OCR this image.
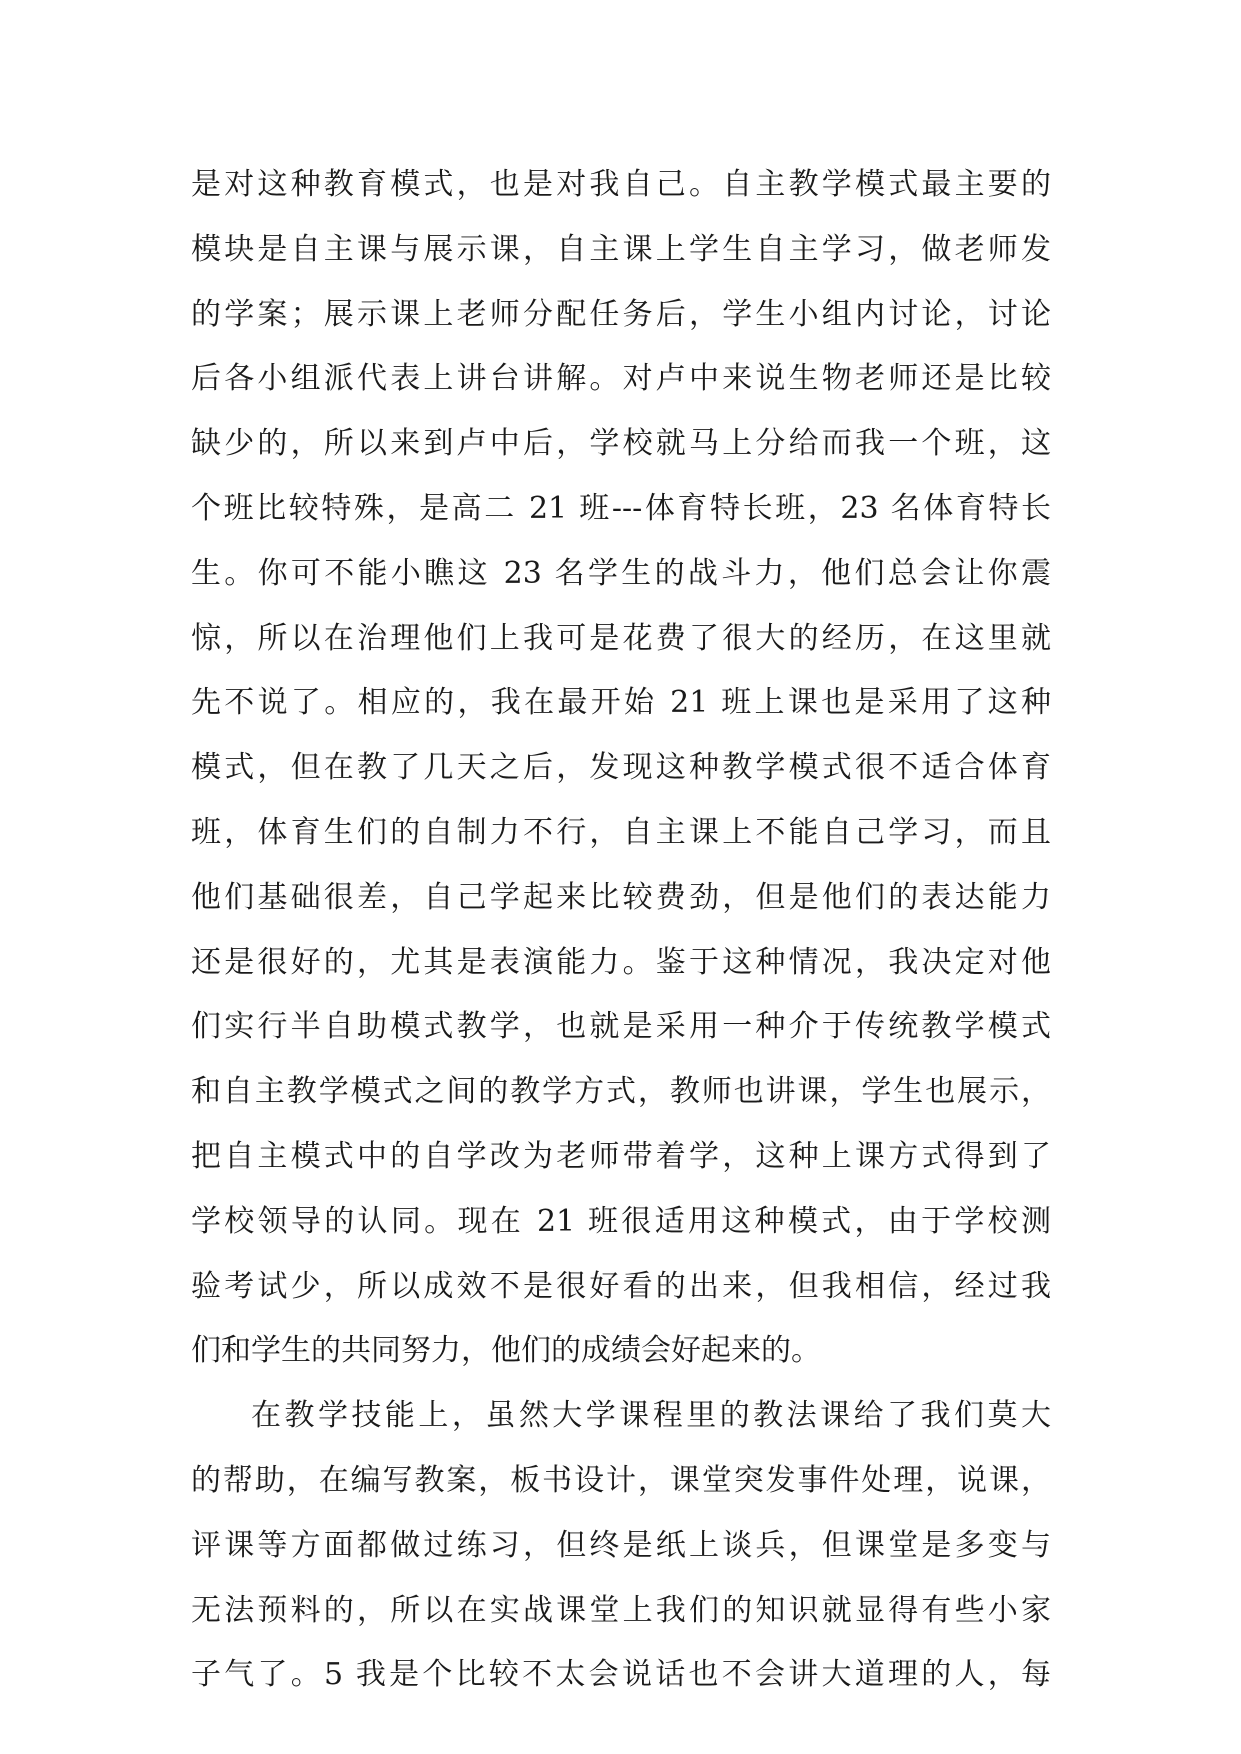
是对这种教育模式，也是对我自己。自主教学模式最主要的
模块是自主课与展示课，自主课上学生自主学习，做老师发
的学案；展示课上老师分配任务后，学生小组内讨论，讨论
后各小组派代表上讲台讲解。对卢中来说生物老师还是比较
缺少的，所以来到卢中后，学校就马上分给而我一个班，这
个班比较特殊，是高二 21 班---体育特长班，23 名体育特长
生。你可不能小瞧这 23 名学生的战斗力，他们总会让你震
惊，所以在治理他们上我可是花费了很大的经历，在这里就
先不说了。相应的，我在最开始 21 班上课也是采用了这种
模式，但在教了几天之后，发现这种教学模式很不适合体育
班，体育生们的自制力不行，自主课上不能自己学习，而且
他们基础很差，自己学起来比较费劲，但是他们的表达能力
还是很好的，尤其是表演能力。鉴于这种情况，我决定对他
们实行半自助模式教学，也就是采用一种介于传统教学模式
和自主教学模式之间的教学方式，教师也讲课，学生也展示，
把自主模式中的自学改为老师带着学，这种上课方式得到了
学校领导的认同。现在 21 班很适用这种模式，由于学校测
验考试少，所以成效不是很好看的出来，但我相信，经过我
们和学生的共同努力，他们的成绩会好起来的。
在教学技能上，虽然大学课程里的教法课给了我们莫大
的帮助，在编写教案，板书设计，课堂突发事件处理，说课，
评课等方面都做过练习，但终是纸上谈兵，但课堂是多变与
无法预料的，所以在实战课堂上我们的知识就显得有些小家
子气了。5 我是个比较不太会说话也不会讲大道理的人，每
